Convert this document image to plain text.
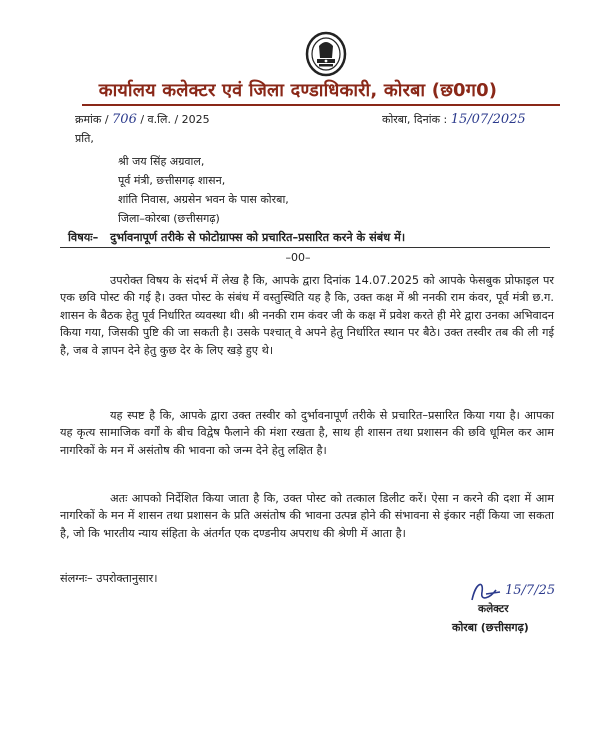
कार्यालय कलेक्टर एवं जिला दण्डाधिकारी, कोरबा (छ0ग0)
क्रमांक / 706 / व.लि. / 2025	कोरबा, दिनांक : 15/07/2025
प्रति,
श्री जय सिंह अग्रवाल,
पूर्व मंत्री, छत्तीसगढ़ शासन,
शांति निवास, अग्रसेन भवन के पास कोरबा,
जिला–कोरबा (छत्तीसगढ़)
विषयः– दुर्भावनापूर्ण तरीके से फोटोग्राफ्स को प्रचारित–प्रसारित करने के संबंध में।
–00–
उपरोक्त विषय के संदर्भ में लेख है कि, आपके द्वारा दिनांक 14.07.2025 को आपके फेसबुक प्रोफाइल पर एक छवि पोस्ट की गई है। उक्त पोस्ट के संबंध में वस्तुस्थिति यह है कि, उक्त कक्ष में श्री ननकी राम कंवर, पूर्व मंत्री छ.ग. शासन के बैठक हेतु पूर्व निर्धारित व्यवस्था थी। श्री ननकी राम कंवर जी के कक्ष में प्रवेश करते ही मेरे द्वारा उनका अभिवादन किया गया, जिसकी पुष्टि की जा सकती है। उसके पश्चात् वे अपने हेतु निर्धारित स्थान पर बैठे। उक्त तस्वीर तब की ली गई है, जब वे ज्ञापन देने हेतु कुछ देर के लिए खड़े हुए थे।
यह स्पष्ट है कि, आपके द्वारा उक्त तस्वीर को दुर्भावनापूर्ण तरीके से प्रचारित–प्रसारित किया गया है। आपका यह कृत्य सामाजिक वर्गों के बीच विद्वेष फैलाने की मंशा रखता है, साथ ही शासन तथा प्रशासन की छवि धूमिल कर आम नागरिकों के मन में असंतोष की भावना को जन्म देने हेतु लक्षित है।
अतः आपको निर्देशित किया जाता है कि, उक्त पोस्ट को तत्काल डिलीट करें। ऐसा न करने की दशा में आम नागरिकों के मन में शासन तथा प्रशासन के प्रति असंतोष की भावना उत्पन्न होने की संभावना से इंकार नहीं किया जा सकता है, जो कि भारतीय न्याय संहिता के अंतर्गत एक दण्डनीय अपराध की श्रेणी में आता है।
संलग्नः– उपरोक्तानुसार।
15/7/25
कलेक्टर
कोरबा (छत्तीसगढ़)
